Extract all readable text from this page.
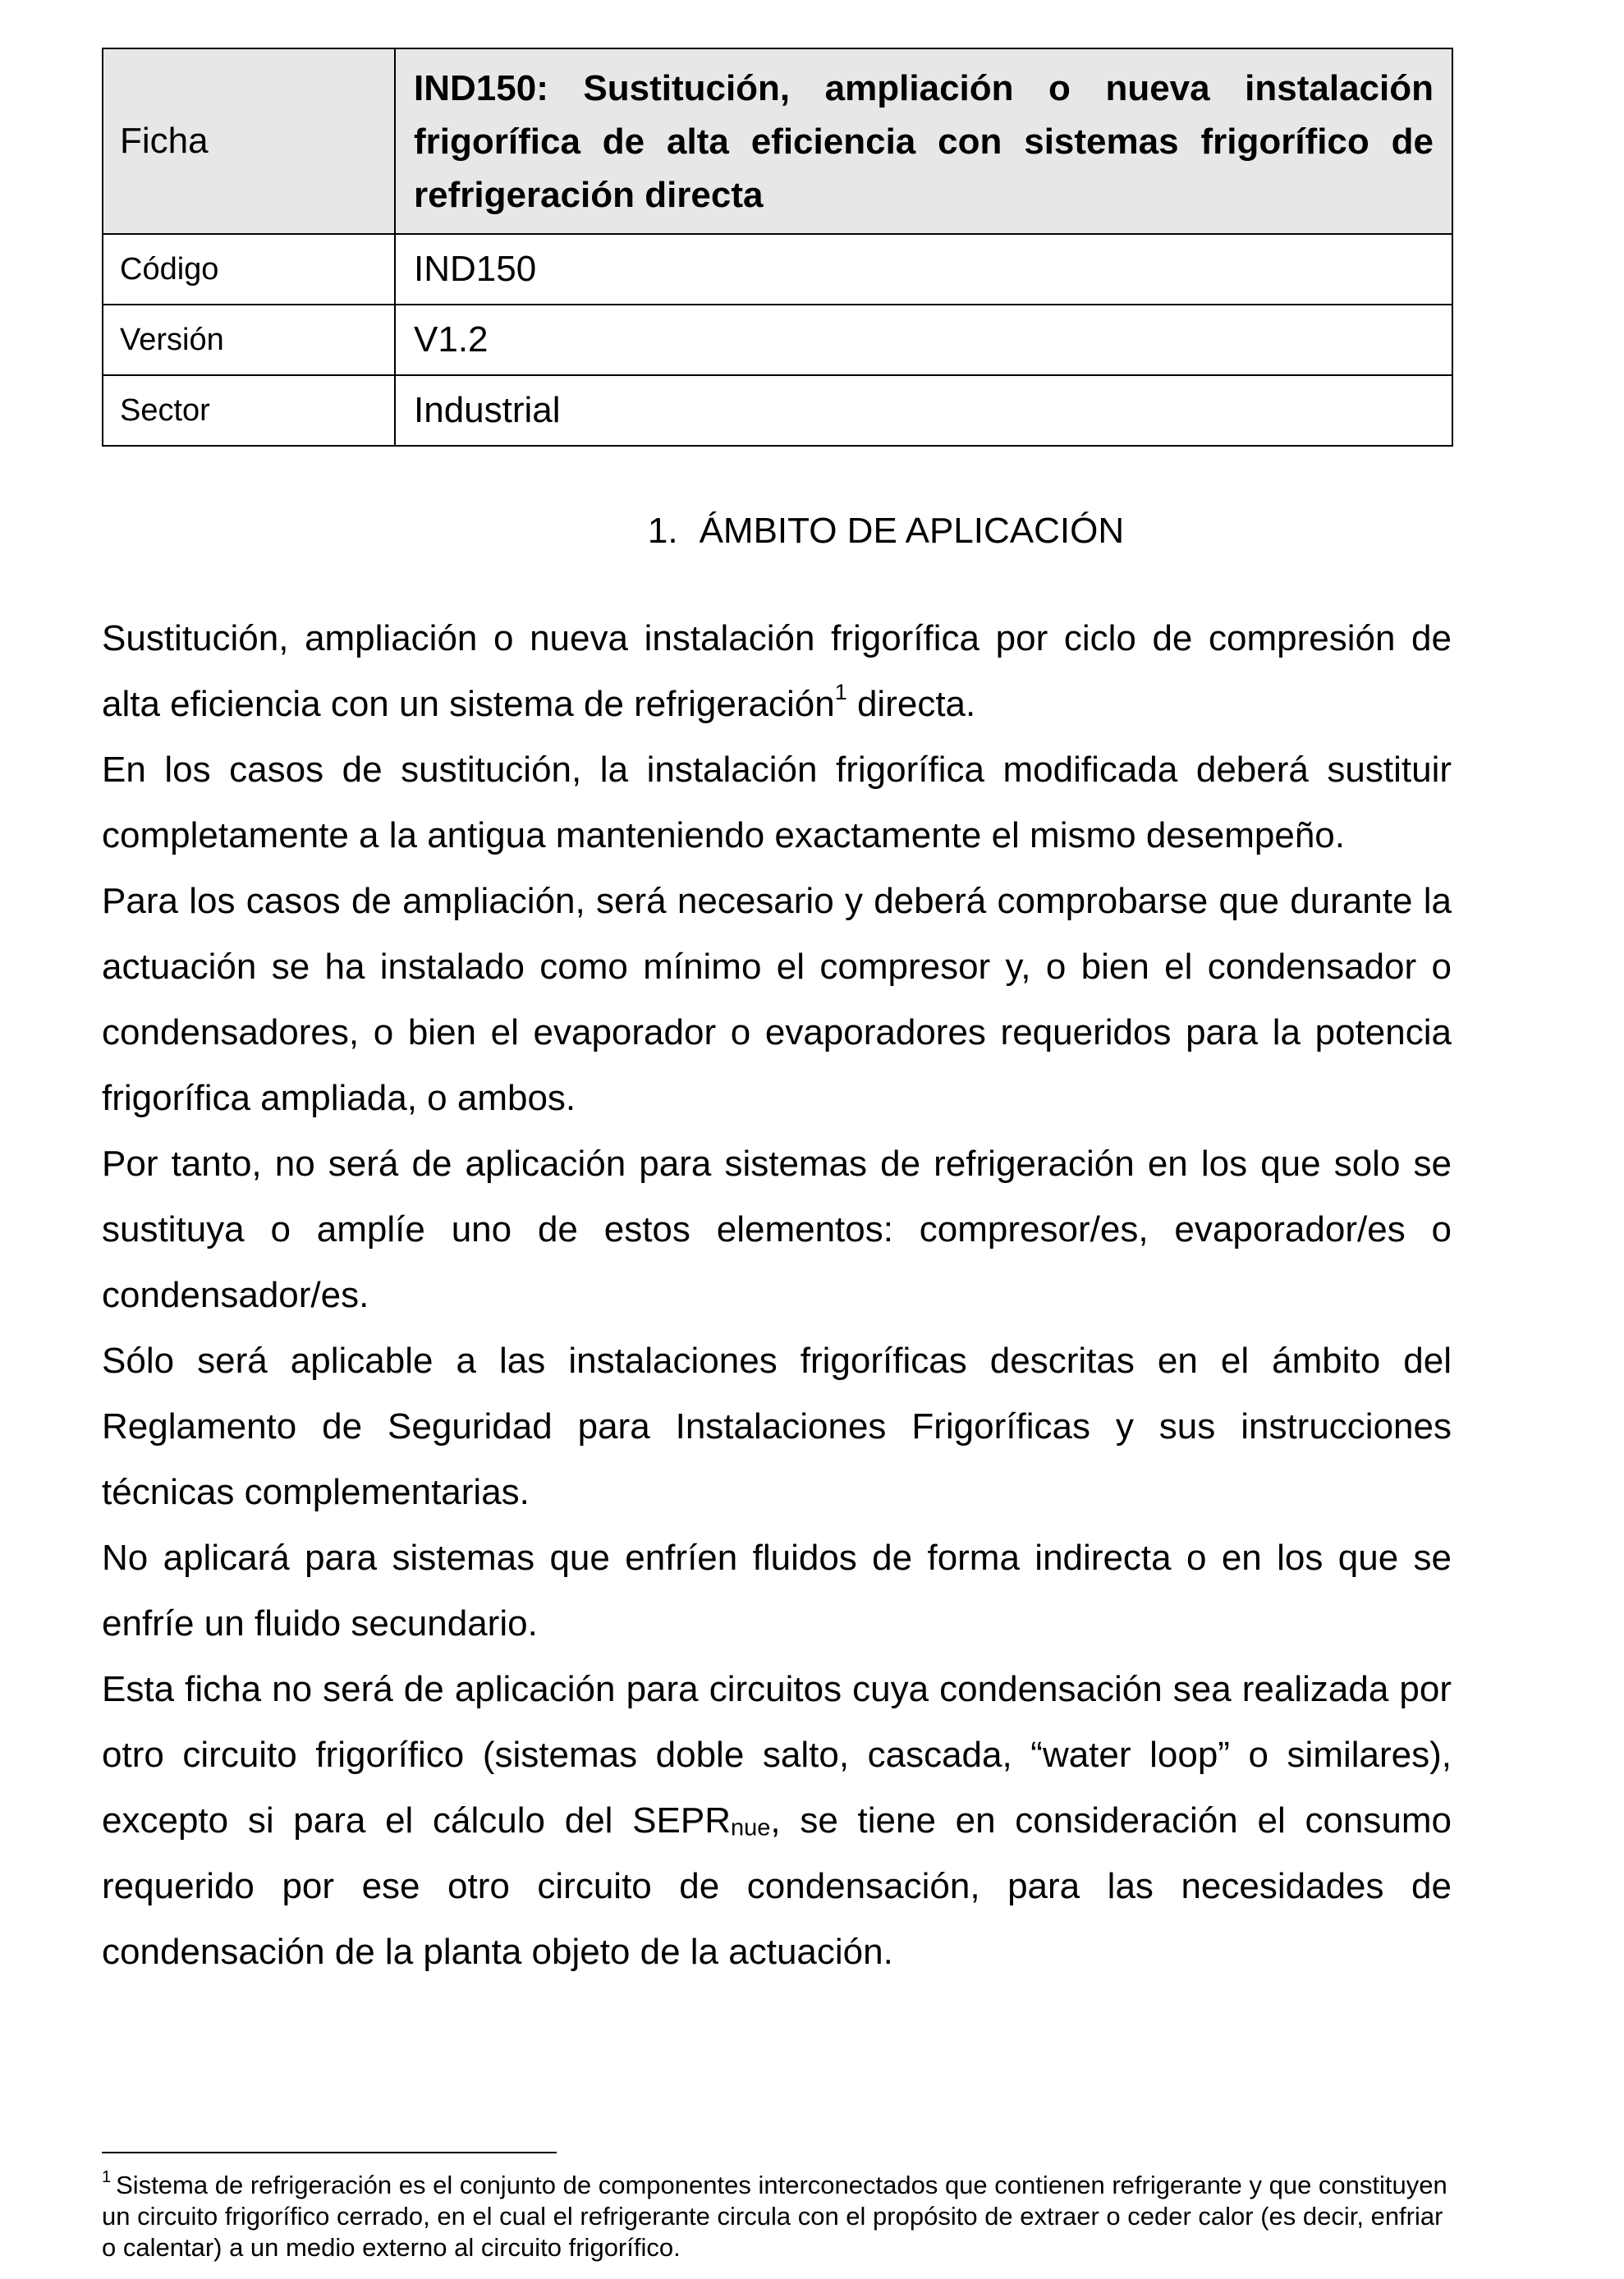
Ficha	IND150: Sustitución, ampliación o nueva instalación frigorífica de alta eficiencia con sistemas frigorífico de refrigeración directa
Código	IND150
Versión	V1.2
Sector	Industrial
1. ÁMBITO DE APLICACIÓN

Sustitución, ampliación o nueva instalación frigorífica por ciclo de compresión de alta eficiencia con un sistema de refrigeración$^1$ directa.

En los casos de sustitución, la instalación frigorífica modificada deberá sustituir completamente a la antigua manteniendo exactamente el mismo desempeño.

Para los casos de ampliación, será necesario y deberá comprobarse que durante la actuación se ha instalado como mínimo el compresor y, o bien el condensador o condensadores, o bien el evaporador o evaporadores requeridos para la potencia frigorífica ampliada, o ambos.

Por tanto, no será de aplicación para sistemas de refrigeración en los que solo se sustituya o amplíe uno de estos elementos: compresor/es, evaporador/es o condensador/es.

Sólo será aplicable a las instalaciones frigoríficas descritas en el ámbito del Reglamento de Seguridad para Instalaciones Frigoríficas y sus instrucciones técnicas complementarias.

No aplicará para sistemas que enfríen fluidos de forma indirecta o en los que se enfríe un fluido secundario.

Esta ficha no será de aplicación para circuitos cuya condensación sea realizada por otro circuito frigorífico (sistemas doble salto, cascada, “water loop” o similares), excepto si para el cálculo del $SEPR_{nue}$, se tiene en consideración el consumo requerido por ese otro circuito de condensación, para las necesidades de condensación de la planta objeto de la actuación.

$^1$ Sistema de refrigeración es el conjunto de componentes interconectados que contienen refrigerante y que constituyen un circuito frigorífico cerrado, en el cual el refrigerante circula con el propósito de extraer o ceder calor (es decir, enfriar o calentar) a un medio externo al circuito frigorífico.
